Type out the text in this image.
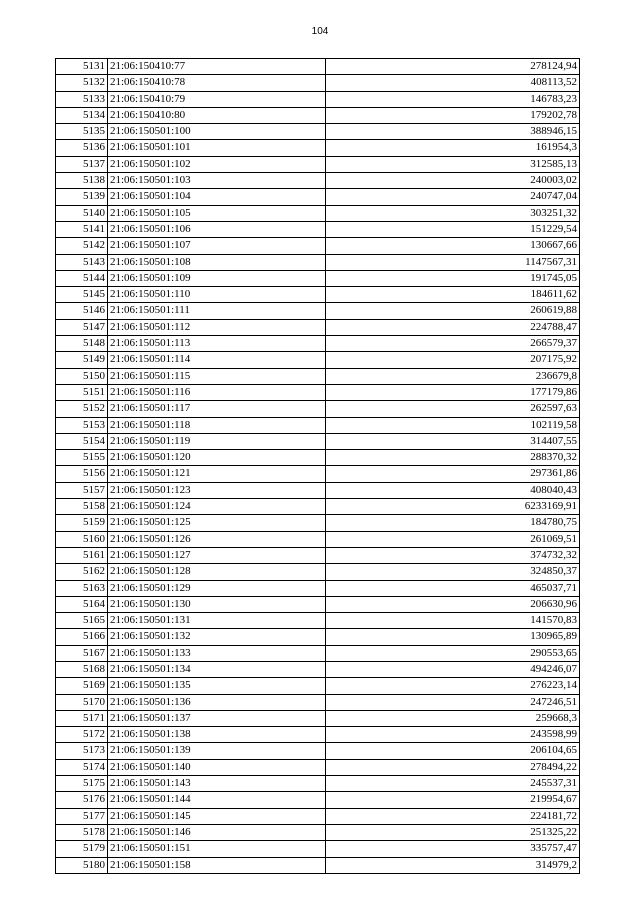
104
5131	21:06:150410:77	278124,94
5132	21:06:150410:78	408113,52
5133	21:06:150410:79	146783,23
5134	21:06:150410:80	179202,78
5135	21:06:150501:100	388946,15
5136	21:06:150501:101	161954,3
5137	21:06:150501:102	312585,13
5138	21:06:150501:103	240003,02
5139	21:06:150501:104	240747,04
5140	21:06:150501:105	303251,32
5141	21:06:150501:106	151229,54
5142	21:06:150501:107	130667,66
5143	21:06:150501:108	1147567,31
5144	21:06:150501:109	191745,05
5145	21:06:150501:110	184611,62
5146	21:06:150501:111	260619,88
5147	21:06:150501:112	224788,47
5148	21:06:150501:113	266579,37
5149	21:06:150501:114	207175,92
5150	21:06:150501:115	236679,8
5151	21:06:150501:116	177179,86
5152	21:06:150501:117	262597,63
5153	21:06:150501:118	102119,58
5154	21:06:150501:119	314407,55
5155	21:06:150501:120	288370,32
5156	21:06:150501:121	297361,86
5157	21:06:150501:123	408040,43
5158	21:06:150501:124	6233169,91
5159	21:06:150501:125	184780,75
5160	21:06:150501:126	261069,51
5161	21:06:150501:127	374732,32
5162	21:06:150501:128	324850,37
5163	21:06:150501:129	465037,71
5164	21:06:150501:130	206630,96
5165	21:06:150501:131	141570,83
5166	21:06:150501:132	130965,89
5167	21:06:150501:133	290553,65
5168	21:06:150501:134	494246,07
5169	21:06:150501:135	276223,14
5170	21:06:150501:136	247246,51
5171	21:06:150501:137	259668,3
5172	21:06:150501:138	243598,99
5173	21:06:150501:139	206104,65
5174	21:06:150501:140	278494,22
5175	21:06:150501:143	245537,31
5176	21:06:150501:144	219954,67
5177	21:06:150501:145	224181,72
5178	21:06:150501:146	251325,22
5179	21:06:150501:151	335757,47
5180	21:06:150501:158	314979,2
